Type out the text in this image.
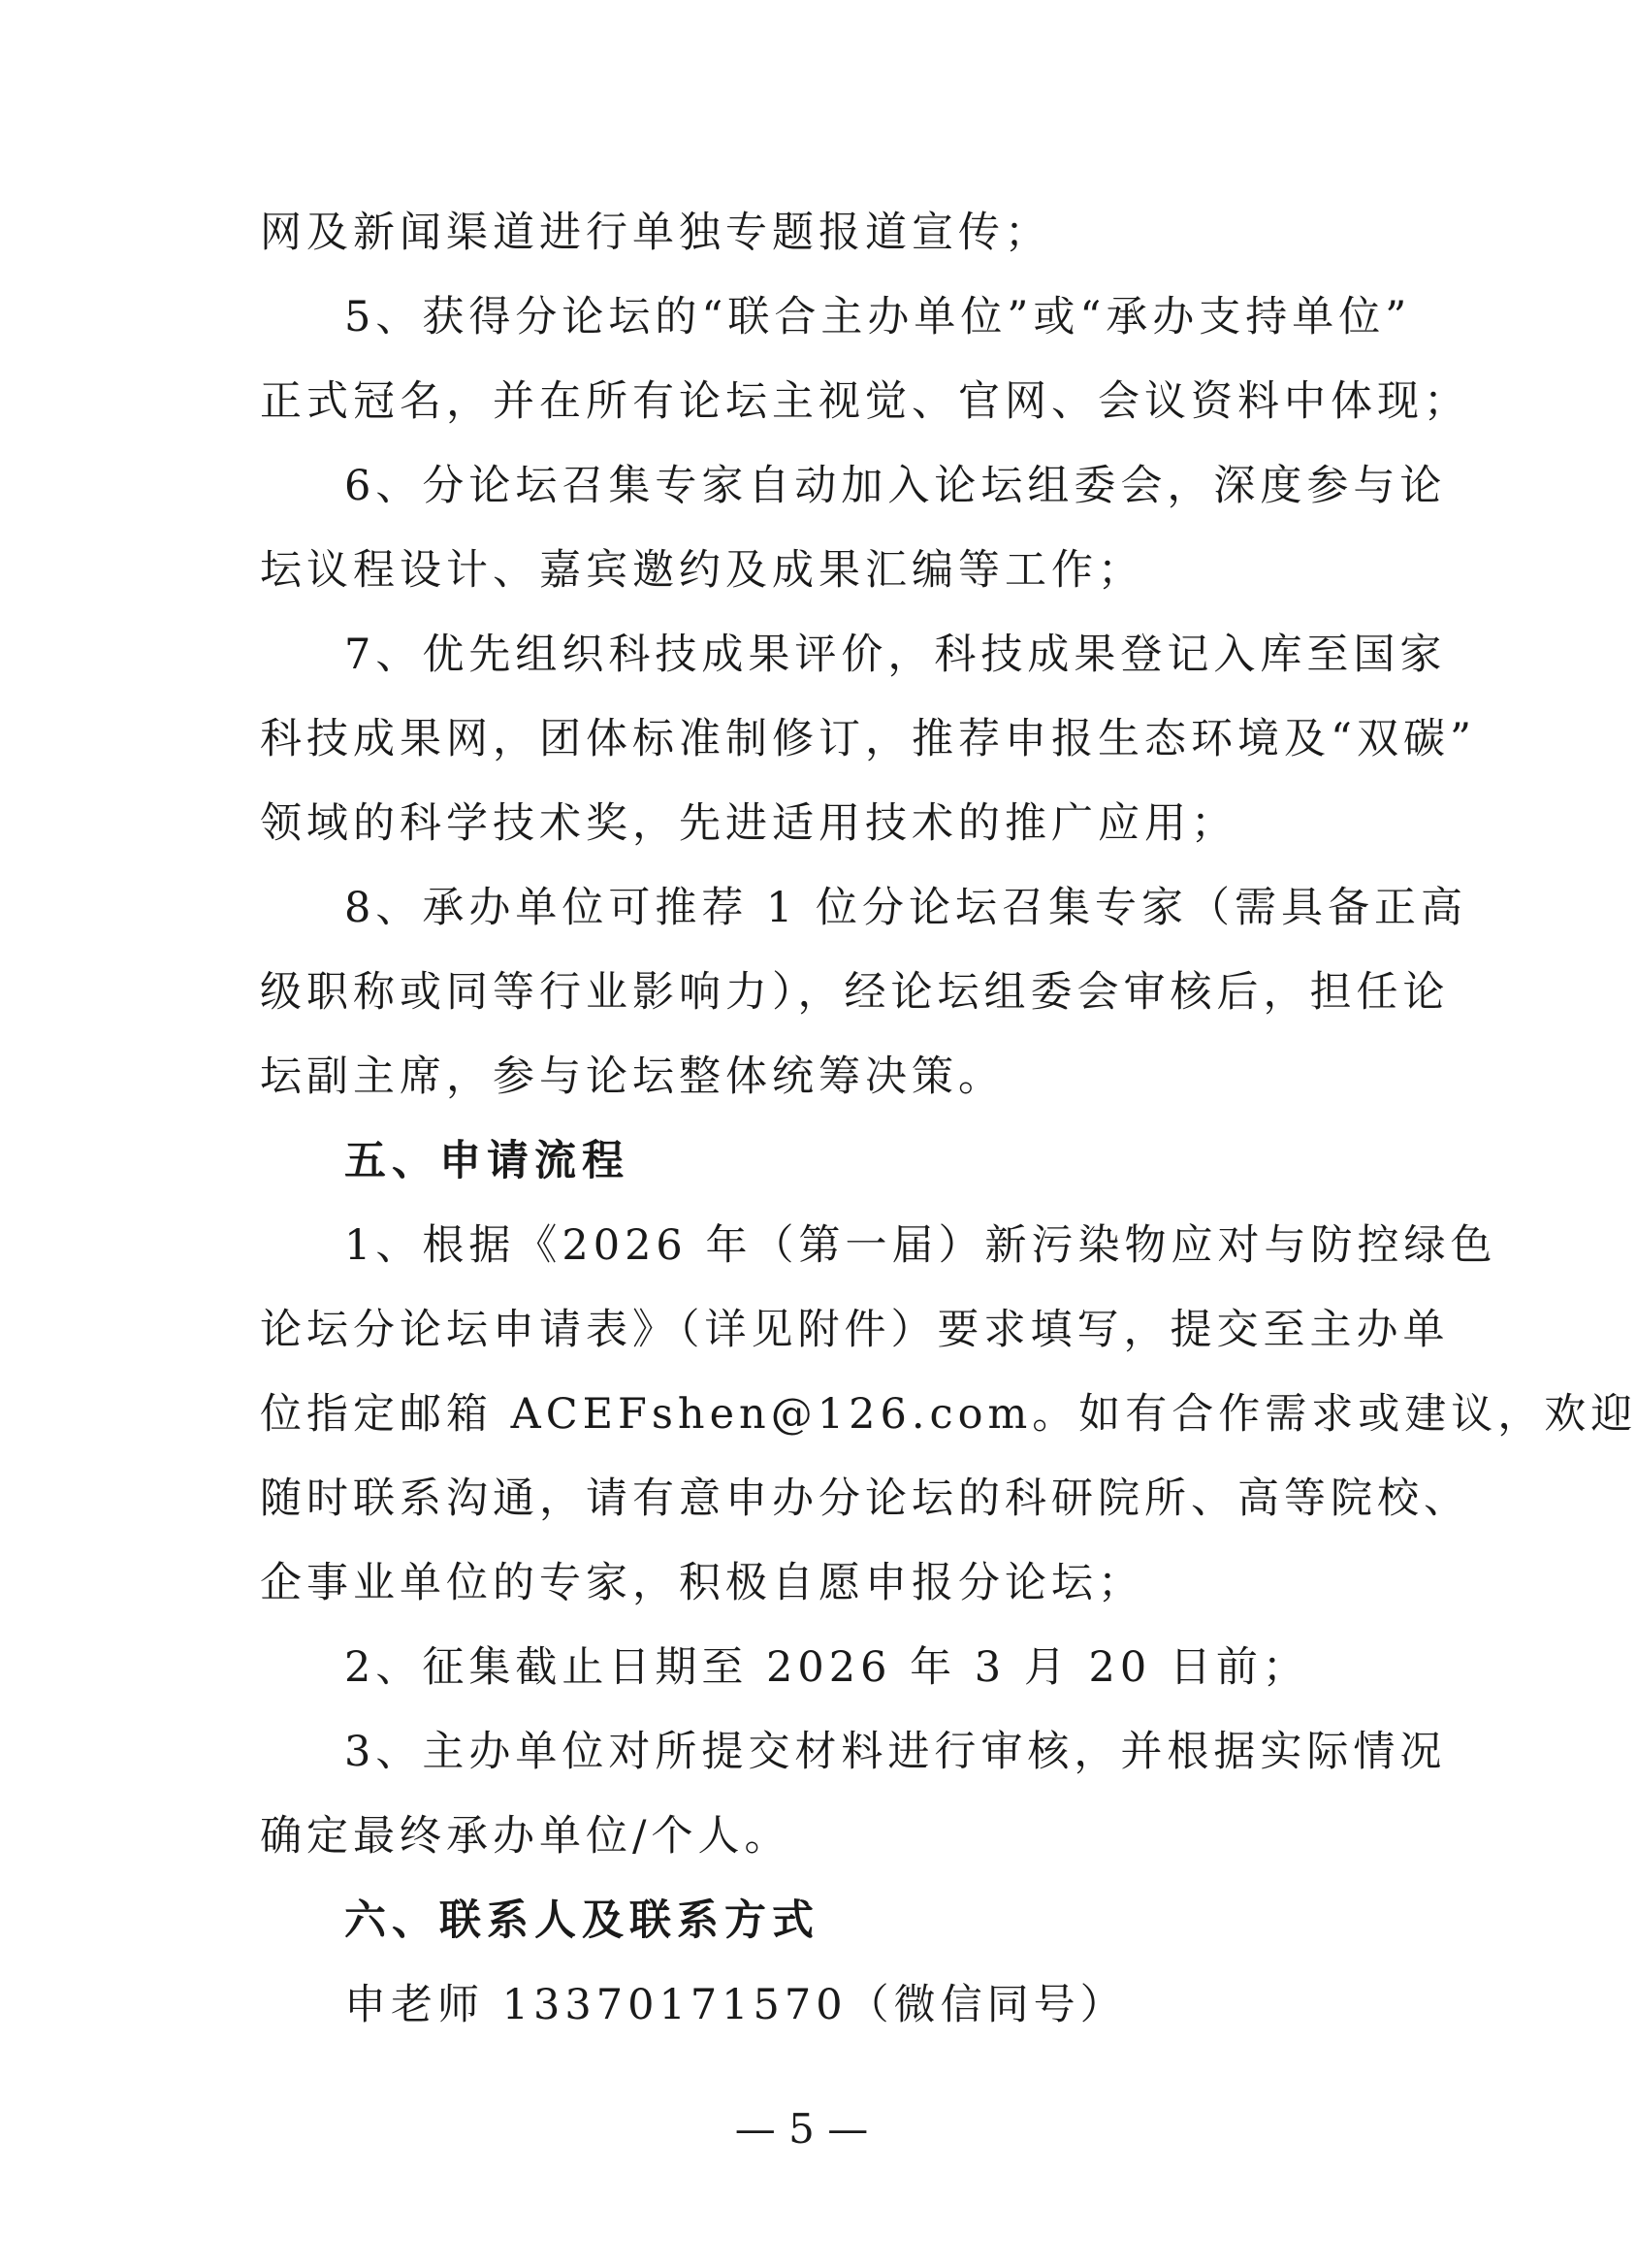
网及新闻渠道进行单独专题报道宣传；
5、获得分论坛的“联合主办单位”或“承办支持单位”
正式冠名，并在所有论坛主视觉、官网、会议资料中体现；
6、分论坛召集专家自动加入论坛组委会，深度参与论
坛议程设计、嘉宾邀约及成果汇编等工作；
7、优先组织科技成果评价，科技成果登记入库至国家
科技成果网，团体标准制修订，推荐申报生态环境及“双碳”
领域的科学技术奖，先进适用技术的推广应用；
8、承办单位可推荐 1 位分论坛召集专家（需具备正高
级职称或同等行业影响力），经论坛组委会审核后，担任论
坛副主席，参与论坛整体统筹决策。
五、申请流程
1、根据《2026 年（第一届）新污染物应对与防控绿色
论坛分论坛申请表》（详见附件）要求填写，提交至主办单
位指定邮箱 ACEFshen@126.com。如有合作需求或建议，欢迎
随时联系沟通，请有意申办分论坛的科研院所、高等院校、
企事业单位的专家，积极自愿申报分论坛；
2、征集截止日期至 2026 年 3 月 20 日前；
3、主办单位对所提交材料进行审核，并根据实际情况
确定最终承办单位/个人。
六、联系人及联系方式
申老师 13370171570（微信同号）
— 5 —
